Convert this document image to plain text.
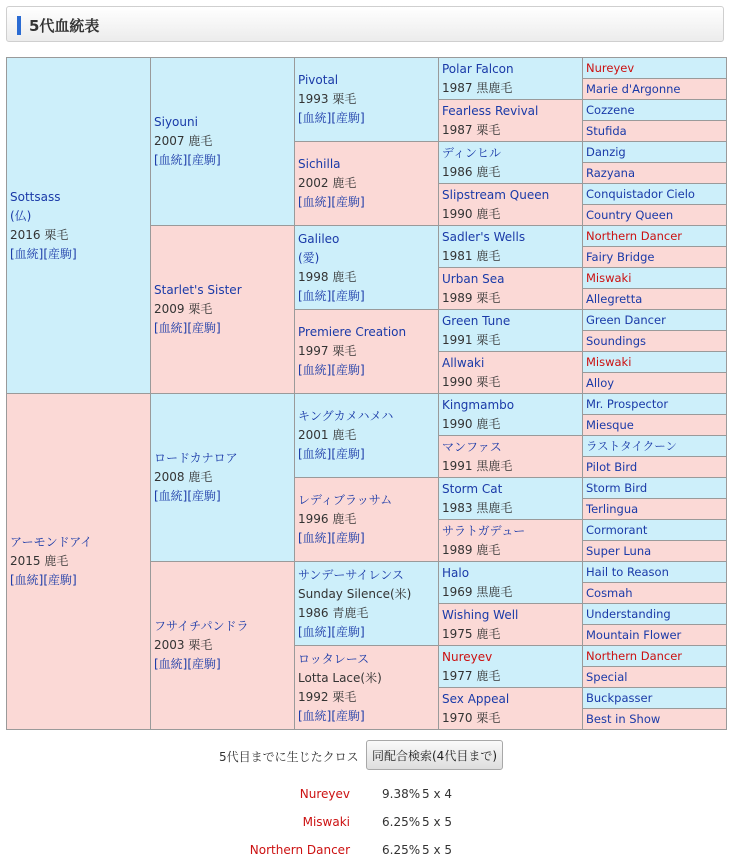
5代血統表
Sottsass
(仏)
2016 栗毛
[血統][産駒]	Siyouni
2007 鹿毛
[血統][産駒]	Pivotal
1993 栗毛
[血統][産駒]	Polar Falcon
1987 黒鹿毛	Nureyev
				Marie d'Argonne
			Fearless Revival
1987 栗毛	Cozzene
				Stufida
		Sichilla
2002 鹿毛
[血統][産駒]	ディンヒル
1986 鹿毛	Danzig
				Razyana
			Slipstream Queen
1990 鹿毛	Conquistador Cielo
				Country Queen
	Starlet's Sister
2009 栗毛
[血統][産駒]	Galileo
(愛)
1998 鹿毛
[血統][産駒]	Sadler's Wells
1981 鹿毛	Northern Dancer
				Fairy Bridge
			Urban Sea
1989 栗毛	Miswaki
				Allegretta
		Premiere Creation
1997 栗毛
[血統][産駒]	Green Tune
1991 栗毛	Green Dancer
				Soundings
			Allwaki
1990 栗毛	Miswaki
				Alloy
アーモンドアイ
2015 鹿毛
[血統][産駒]	ロードカナロア
2008 鹿毛
[血統][産駒]	キングカメハメハ
2001 鹿毛
[血統][産駒]	Kingmambo
1990 鹿毛	Mr. Prospector
				Miesque
			マンファス
1991 黒鹿毛	ラストタイクーン
				Pilot Bird
		レディブラッサム
1996 鹿毛
[血統][産駒]	Storm Cat
1983 黒鹿毛	Storm Bird
				Terlingua
			サラトガデュー
1989 鹿毛	Cormorant
				Super Luna
	フサイチパンドラ
2003 栗毛
[血統][産駒]	サンデーサイレンス
Sunday Silence(米)
1986 青鹿毛
[血統][産駒]	Halo
1969 黒鹿毛	Hail to Reason
				Cosmah
			Wishing Well
1975 鹿毛	Understanding
				Mountain Flower
		ロッタレース
Lotta Lace(米)
1992 栗毛
[血統][産駒]	Nureyev
1977 鹿毛	Northern Dancer
				Special
			Sex Appeal
1970 栗毛	Buckpasser
				Best in Show
5代目までに生じたクロス	同配合検索(4代目まで)
Nureyev	9.38% 5 x 4
Miswaki	6.25% 5 x 5
Northern Dancer	6.25% 5 x 5
